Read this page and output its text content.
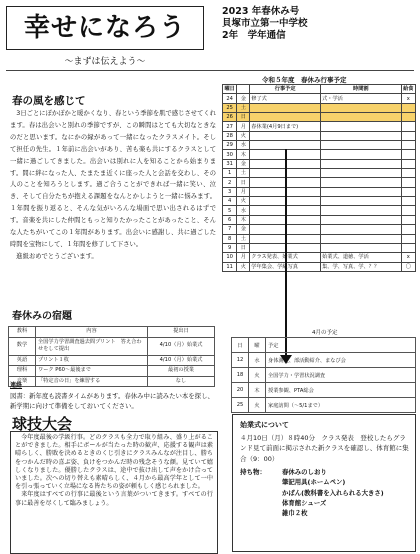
幸せになろう
～まずは伝えよう～
2023 年春休み号
貝塚市立第一中学校
2年　学年通信
令和５年度　春休み行事予定
曜日		行事予定	時間割	給食
24	金	修了式	式・学活	x
25	土			
26	日			
27	月	春休業(4月9日まで)		
28	火			
29	水			
30	木			
31	金			
1	土			
2	日			
3	月			
4	火			
5	水			
6	木			
7	金			
8	土			
9	日			
10	月	クラス発表、始業式	始業式、道徳、学活	x
11	火	学年集会、学級写真	集、学、写真、学、？？	〇
春の風を感じて

3日ごとにぽかぽかと暖かくなり、春という季節を肌で感じさせてくれます。春は出会いと別れの季節ですが、この瞬間はとても大切なときなのだと思います。なにかの縁があって一緒になったクラスメイト。そして担任の先生。１年前に出会いがあり、苦も楽も共にするクラスとして一緒に過ごしてきました。出会いは別れに人を知ることから始まります。間に絆になった人、たまたま近くに座った人と会話を交わし、その人のことを知ろうとします。過ご合うことができれば一緒に笑い、泣き、そして自分たちが抱える課題をなんとかしようと一緒に悩みます。１年間を振り返ると、そんな気がいろんな場面で思い出されるはずです。音楽を共にした仲間ともっと知りたかったことがあったこと、そんな人たちがいてこの１年間があります。出会いに感謝し、共に過ごした時間を宝物にして、１年間を修了して下さい。

進級おめでとうございます。

春休みの宿題
教科	内容	提出日
数学	全国学力学習調査過去問プリント　答え合わせをして提出	4/10（月）始業式
英語	プリント１枚	4/10（月）始業式
理科	ワーク P60〜最後まで	最初の授業
音楽	「特定音の日」を練習する	なし
4月の予定
日	曜	予定
12	水	身体測定、部活動紹介、まなび会
18	火	全国学力・学習状況調査
20	木	授業参観、PTA総会
25	火	家庭訪問（〜5/1まで）
連絡
図書：新年度も読書タイムがあります。春休み中に読みたい本を探し、新学期に向けて準備をしておいてください。
球技大会

今年度最後の学級行事。どのクラスも全力で取り組み、盛り上がることができました。相手にボールが当たった時の歓声、応援する観声は素晴らしく、勝敗を決めるときのくじ引きにクラスみんなが注目し、勝ちをつかんだ時の喜ぶ姿、負けをつかんだ時の残念そうな顔。見ていて嬉しくなりました。優勝したクラスは、途中で抜け出して声をかけ合っていました。次への切り替えも素晴らしく、４月から最高学年として一中を引っ張っていく立場になる皆たちの姿が頼もしく感じられました。

来年度はすべての行事に最後という言葉がついてきます。すべての行事に最善を尽くして臨みましょう。

始業式について
４月10日（月）８時40分　クラス発表　登校したらグランド見て前面に掲示された新クラスを確認し、体育館に集合（9：00）
持ち物：	春休みのしおり
筆記用具(ホームペン)
かばん(教科書を入れられる大きさ)
体育館シューズ
雑巾２枚
